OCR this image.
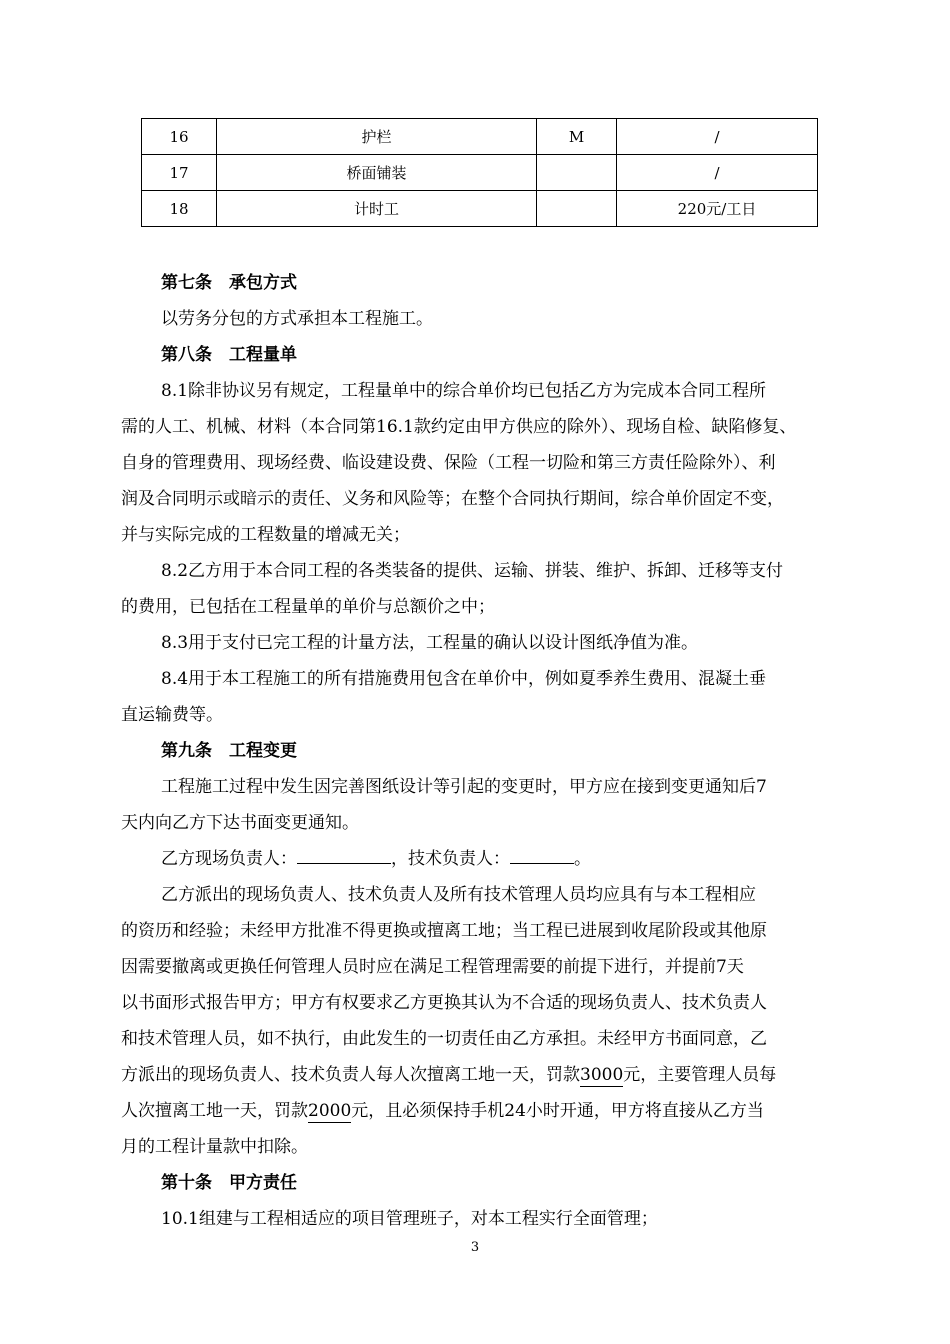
16	护栏	M	/
17	桥面铺装		/
18	计时工		220元/工日
第七条　承包方式
以劳务分包的方式承担本工程施工。
第八条　工程量单
8.1除非协议另有规定，工程量单中的综合单价均已包括乙方为完成本合同工程所
需的人工、机械、材料（本合同第16.1款约定由甲方供应的除外）、现场自检、缺陷修复、
自身的管理费用、现场经费、临设建设费、保险（工程一切险和第三方责任险除外）、利
润及合同明示或暗示的责任、义务和风险等；在整个合同执行期间，综合单价固定不变，
并与实际完成的工程数量的增减无关；
8.2乙方用于本合同工程的各类装备的提供、运输、拼装、维护、拆卸、迁移等支付
的费用，已包括在工程量单的单价与总额价之中；
8.3用于支付已完工程的计量方法，工程量的确认以设计图纸净值为准。
8.4用于本工程施工的所有措施费用包含在单价中，例如夏季养生费用、混凝土垂
直运输费等。
第九条　工程变更
工程施工过程中发生因完善图纸设计等引起的变更时，甲方应在接到变更通知后7
天内向乙方下达书面变更通知。
乙方现场负责人：	，技术负责人：	。
乙方派出的现场负责人、技术负责人及所有技术管理人员均应具有与本工程相应
的资历和经验；未经甲方批准不得更换或擅离工地；当工程已进展到收尾阶段或其他原
因需要撤离或更换任何管理人员时应在满足工程管理需要的前提下进行，并提前7天
以书面形式报告甲方；甲方有权要求乙方更换其认为不合适的现场负责人、技术负责人
和技术管理人员，如不执行，由此发生的一切责任由乙方承担。未经甲方书面同意，乙
方派出的现场负责人、技术负责人每人次擅离工地一天，罚款3000元，主要管理人员每
人次擅离工地一天，罚款2000元，且必须保持手机24小时开通，甲方将直接从乙方当
月的工程计量款中扣除。
第十条　甲方责任
10.1组建与工程相适应的项目管理班子，对本工程实行全面管理；
3
